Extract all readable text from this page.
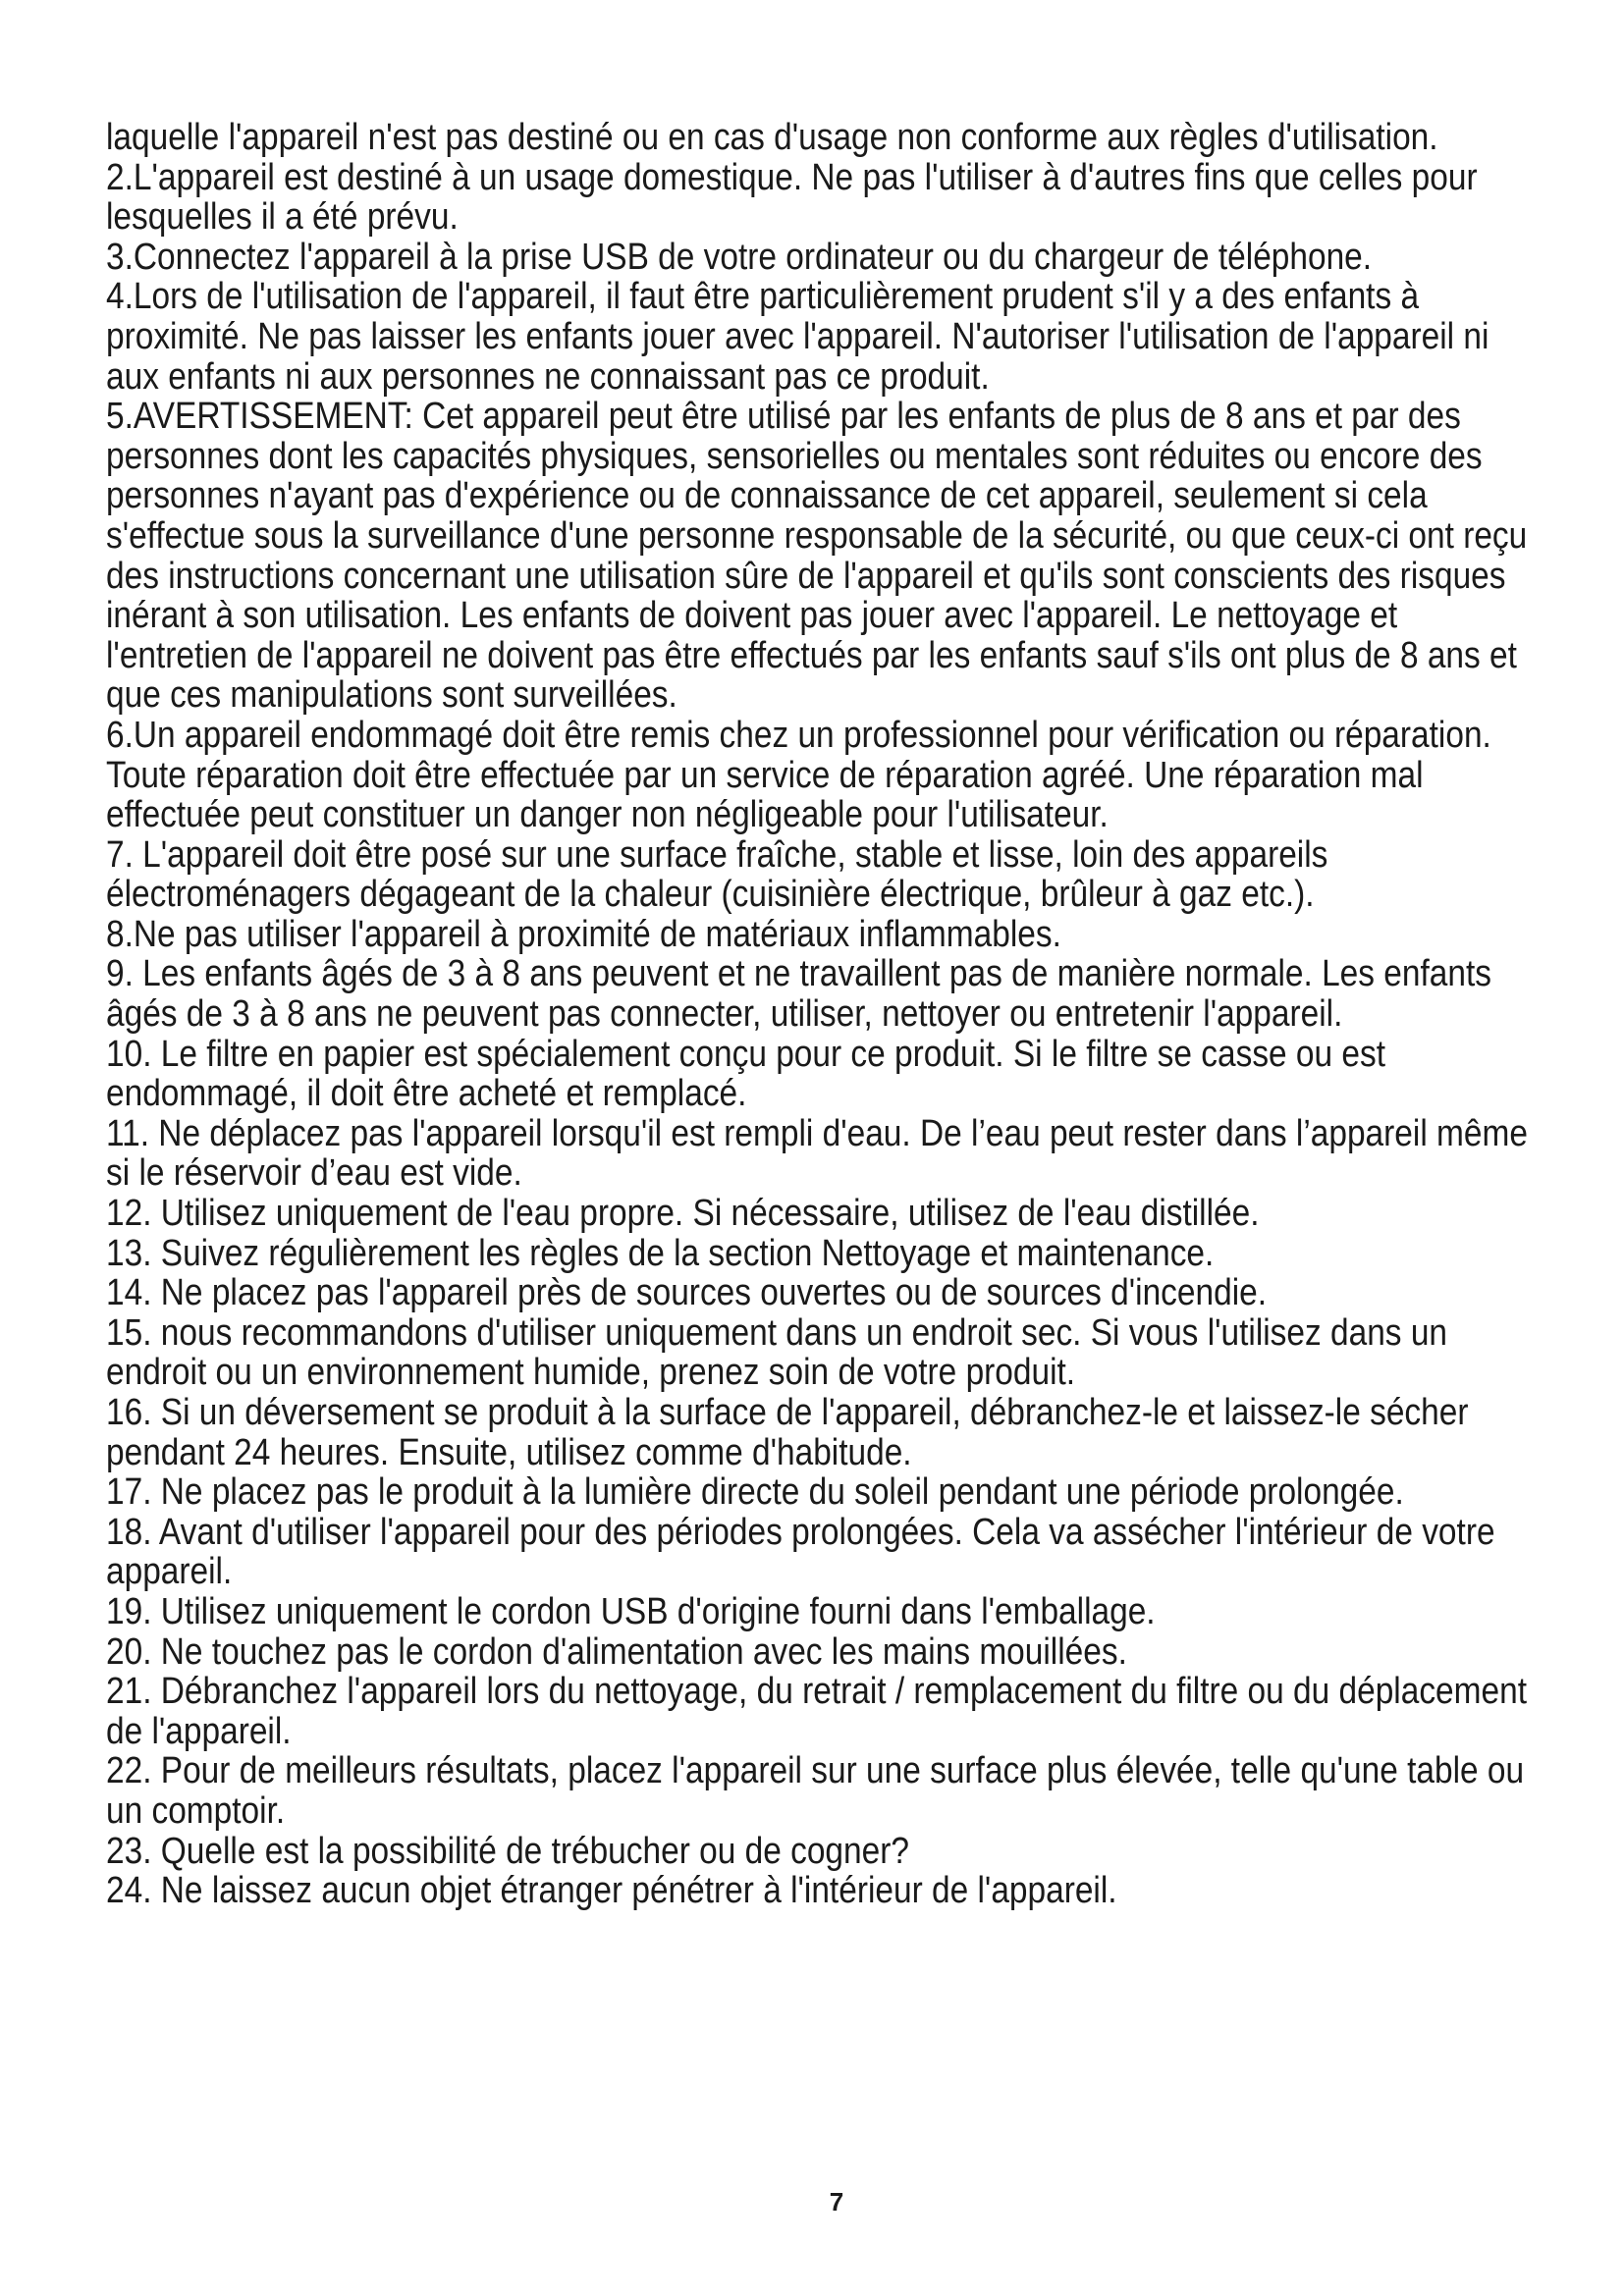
laquelle l'appareil n'est pas destiné ou en cas d'usage non conforme aux règles d'utilisation.

2.L'appareil est destiné à un usage domestique. Ne pas l'utiliser à d'autres fins que celles pour lesquelles il a été prévu.

3.Connectez l'appareil à la prise USB de votre ordinateur ou du chargeur de téléphone.

4.Lors de l'utilisation de l'appareil, il faut être particulièrement prudent s'il y a des enfants à proximité. Ne pas laisser les enfants jouer avec l'appareil. N'autoriser l'utilisation de l'appareil ni aux enfants ni aux personnes ne connaissant pas ce produit.

5.AVERTISSEMENT: Cet appareil peut être utilisé par les enfants de plus de 8 ans et par des personnes dont les capacités physiques, sensorielles ou mentales sont réduites ou encore des personnes n'ayant pas d'expérience ou de connaissance de cet appareil, seulement si cela s'effectue sous la surveillance d'une personne responsable de la sécurité, ou que ceux-ci ont reçu des instructions concernant une utilisation sûre de l'appareil et qu'ils sont conscients des risques inérant à son utilisation. Les enfants de doivent pas jouer avec l'appareil. Le nettoyage et l'entretien de l'appareil ne doivent pas être effectués par les enfants sauf s'ils ont plus de 8 ans et que ces manipulations sont surveillées.

6.Un appareil endommagé doit être remis chez un professionnel pour vérification ou réparation. Toute réparation doit être effectuée par un service de réparation agréé. Une réparation mal effectuée peut constituer un danger non négligeable pour l'utilisateur.

7. L'appareil doit être posé sur une surface fraîche, stable et lisse, loin des appareils électroménagers dégageant de la chaleur (cuisinière électrique, brûleur à gaz etc.).

8.Ne pas utiliser l'appareil à proximité de matériaux inflammables.

9. Les enfants âgés de 3 à 8 ans peuvent et ne travaillent pas de manière normale. Les enfants âgés de 3 à 8 ans ne peuvent pas connecter, utiliser, nettoyer ou entretenir l'appareil.

10. Le filtre en papier est spécialement conçu pour ce produit. Si le filtre se casse ou est endommagé, il doit être acheté et remplacé.

11. Ne déplacez pas l'appareil lorsqu'il est rempli d'eau. De l’eau peut rester dans l’appareil même si le réservoir d’eau est vide.

12. Utilisez uniquement de l'eau propre. Si nécessaire, utilisez de l'eau distillée.

13. Suivez régulièrement les règles de la section Nettoyage et maintenance.

14. Ne placez pas l'appareil près de sources ouvertes ou de sources d'incendie.

15. nous recommandons d'utiliser uniquement dans un endroit sec. Si vous l'utilisez dans un endroit ou un environnement humide, prenez soin de votre produit.

16. Si un déversement se produit à la surface de l'appareil, débranchez-le et laissez-le sécher pendant 24 heures. Ensuite, utilisez comme d'habitude.

17. Ne placez pas le produit à la lumière directe du soleil pendant une période prolongée.

18. Avant d'utiliser l'appareil pour des périodes prolongées. Cela va assécher l'intérieur de votre appareil.

19. Utilisez uniquement le cordon USB d'origine fourni dans l'emballage.

20. Ne touchez pas le cordon d'alimentation avec les mains mouillées.

21. Débranchez l'appareil lors du nettoyage, du retrait / remplacement du filtre ou du déplacement de l'appareil.

22. Pour de meilleurs résultats, placez l'appareil sur une surface plus élevée, telle qu'une table ou un comptoir.

23. Quelle est la possibilité de trébucher ou de cogner?

24. Ne laissez aucun objet étranger pénétrer à l'intérieur de l'appareil.

7
